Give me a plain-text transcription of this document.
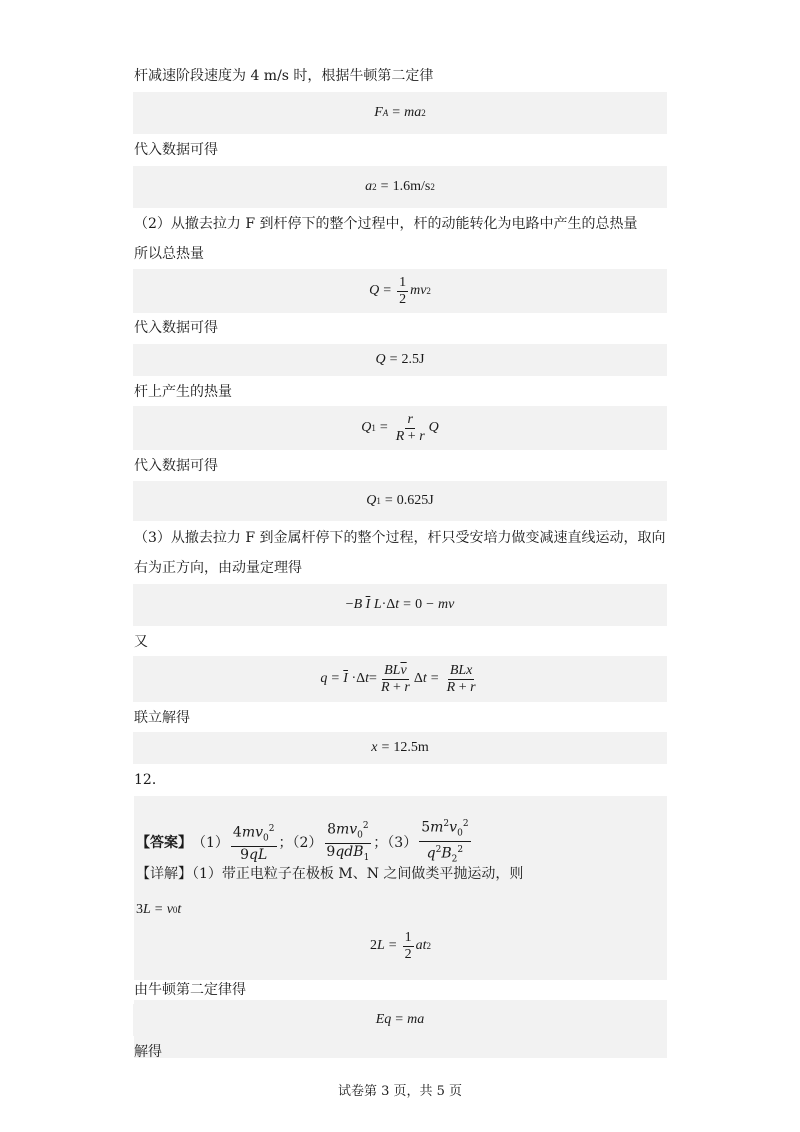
杆减速阶段速度为 4 m/s 时，根据牛顿第二定律
F A = ma 2
代入数据可得
a 2 = 1.6m/s 2
（2）从撤去拉力 F 到杆停下的整个过程中，杆的动能转化为电路中产生的总热量
所以总热量
$Q = \frac{1}{2}$ mv 2
代入数据可得
Q = 2.5J
杆上产生的热量
Q $1 = \frac{r}{R + r}$ Q
代入数据可得
Q 1 = 0.625J
（3）从撤去拉力 F 到金属杆停下的整个过程，杆只受安培力做变减速直线运动，取向
右为正方向，由动量定理得
− B
$\overline{I}$
L ·Δ t = 0 − mv
又
$q = \overline{I} \cdot\Delta$ $t = \frac{BL\overline{v}}{R + r}$ Δ $t = \frac{\text{BLx}}{R + r}$
联立解得
x = 12.5m
12．
【答案】 $(1) \frac{4mv_0^2}{9qL}$ ；$(2) \frac{8mv_0^2}{9qdB_1}$ ；$(3) \frac{5m^2v_0^2}{q^2B_2^2}$
【详解】（1）带正电粒子在极板 M、N 之间做类平抛运动，则
3 L = v 0 t
2 $L = \frac{1}{2}$ at 2
由牛顿第二定律得
Eq = ma
解得
试卷第 3 页，共 5 页
